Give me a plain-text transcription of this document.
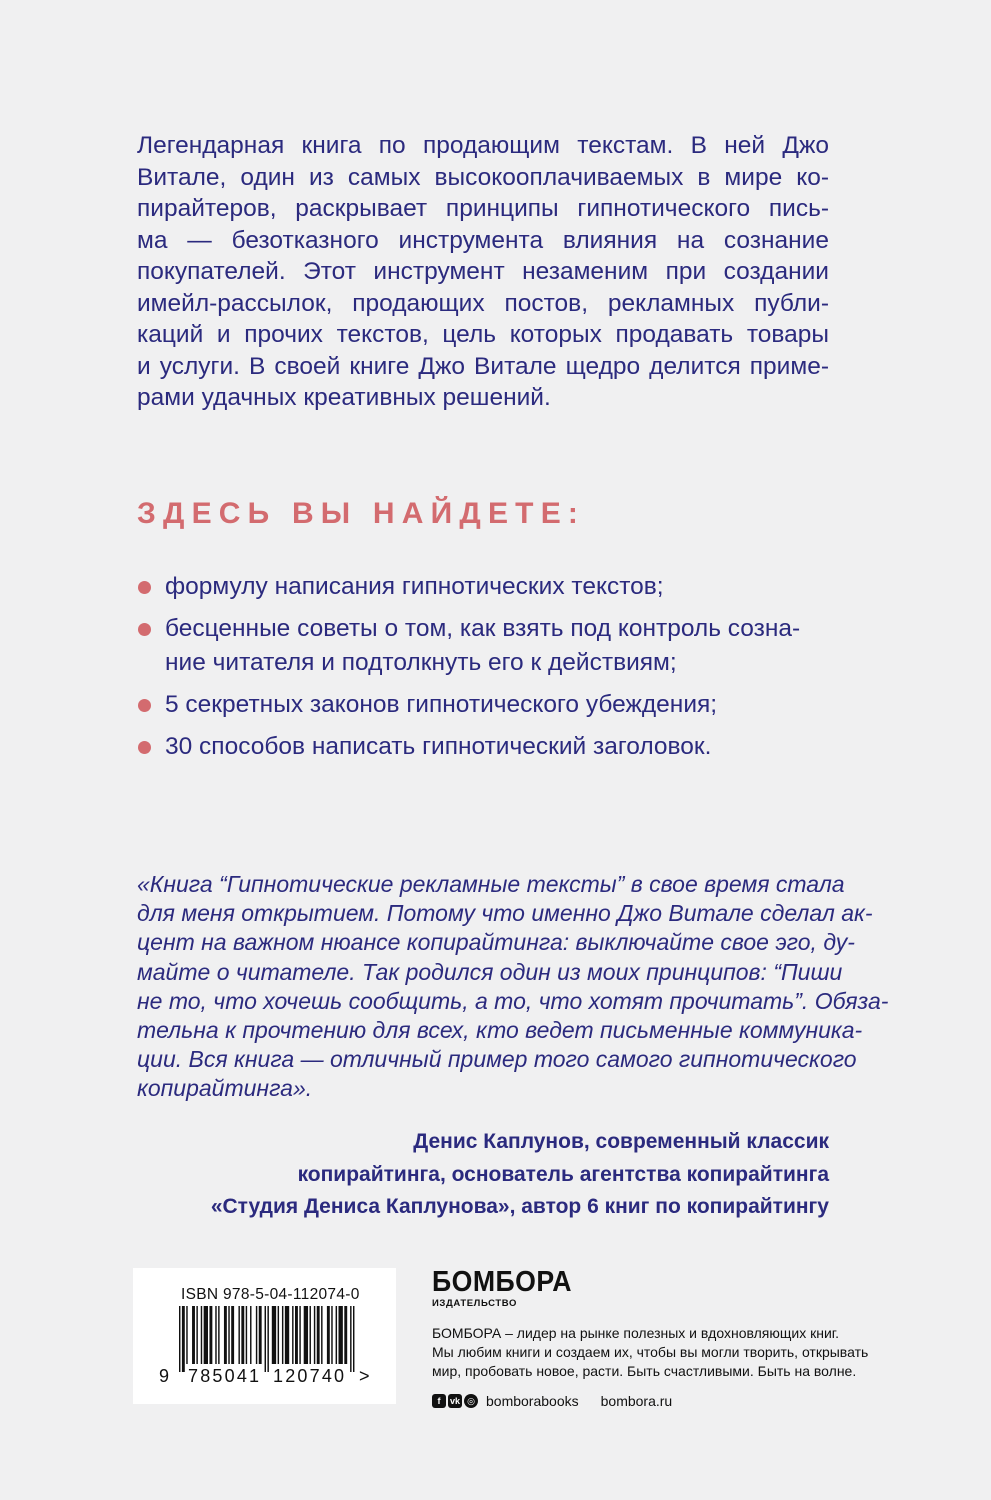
Легендарная книга по продающим текстам. В ней Джо
Витале, один из самых высокооплачиваемых в мире ко-
пирайтеров, раскрывает принципы гипнотического пись-
ма — безотказного инструмента влияния на сознание
покупателей. Этот инструмент незаменим при создании
имейл-рассылок, продающих постов, рекламных публи-
каций и прочих текстов, цель которых продавать товары
и услуги. В своей книге Джо Витале щедро делится приме-
рами удачных креативных решений.

ЗДЕСЬ ВЫ НАЙДЕТЕ:
формулу написания гипнотических текстов;
бесценные советы о том, как взять под контроль созна-
ние читателя и подтолкнуть его к действиям;
5 секретных законов гипнотического убеждения;
30 способов написать гипнотический заголовок.

«Книга “Гипнотические рекламные тексты” в свое время стала
для меня открытием. Потому что именно Джо Витале сделал ак-
цент на важном нюансе копирайтинга: выключайте свое эго, ду-
майте о читателе. Так родился один из моих принципов: “Пиши
не то, что хочешь сообщить, а то, что хотят прочитать”. Обяза-
тельна к прочтению для всех, кто ведет письменные коммуника-
ции. Вся книга — отличный пример того самого гипнотического
копирайтинга».

Денис Каплунов, современный классик
копирайтинга, основатель агентства копирайтинга
«Студия Дениса Каплунова», автор 6 книг по копирайтингу

ISBN 978-5-04-112074-0
9 785041 120740 >
БОМБОРА
ИЗДАТЕЛЬСТВО
БОМБОРА – лидер на рынке полезных и вдохновляющих книг.
Мы любим книги и создаем их, чтобы вы могли творить, открывать
мир, пробовать новое, расти. Быть счастливыми. Быть на волне.
f	vk ◎ bomborabooks bombora.ru
